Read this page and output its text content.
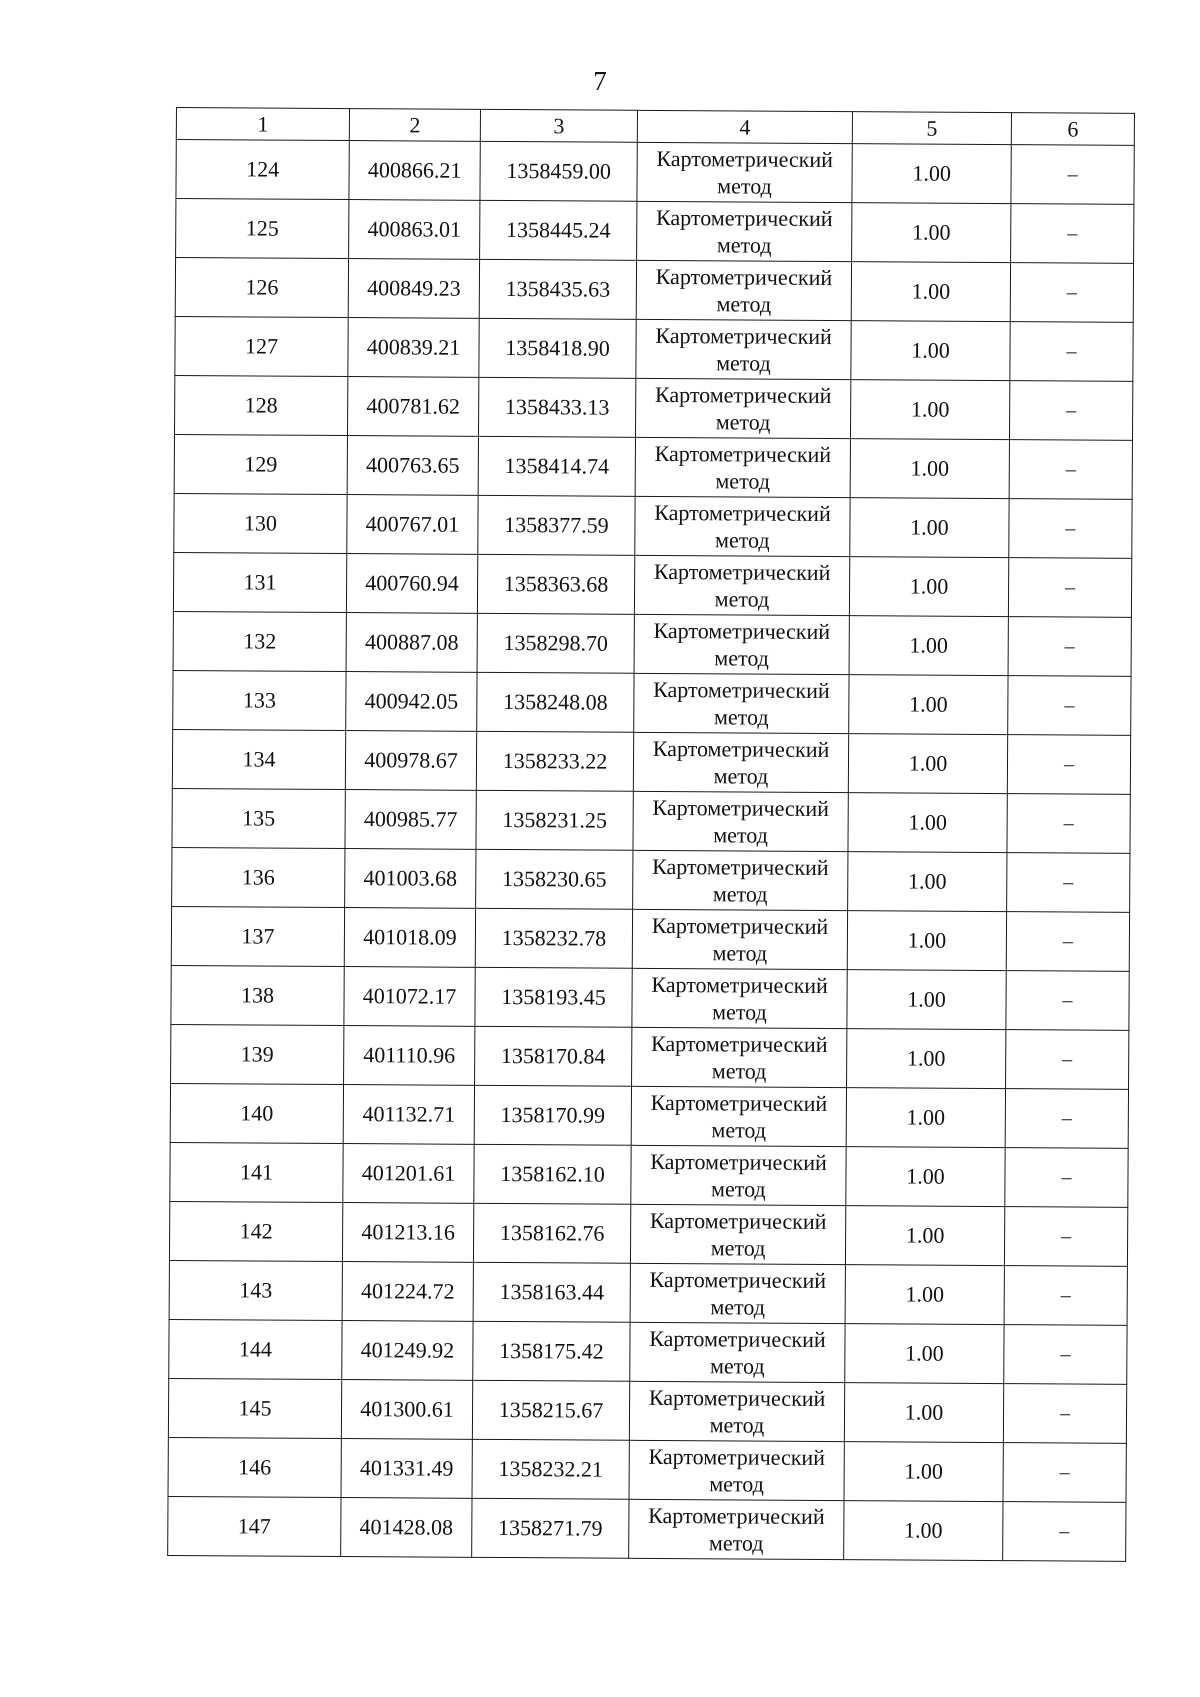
7
1	2	3	4	5	6
124	400866.21	1358459.00	Картометрический метод	1.00	–
125	400863.01	1358445.24	Картометрический метод	1.00	–
126	400849.23	1358435.63	Картометрический метод	1.00	–
127	400839.21	1358418.90	Картометрический метод	1.00	–
128	400781.62	1358433.13	Картометрический метод	1.00	–
129	400763.65	1358414.74	Картометрический метод	1.00	–
130	400767.01	1358377.59	Картометрический метод	1.00	–
131	400760.94	1358363.68	Картометрический метод	1.00	–
132	400887.08	1358298.70	Картометрический метод	1.00	–
133	400942.05	1358248.08	Картометрический метод	1.00	–
134	400978.67	1358233.22	Картометрический метод	1.00	–
135	400985.77	1358231.25	Картометрический метод	1.00	–
136	401003.68	1358230.65	Картометрический метод	1.00	–
137	401018.09	1358232.78	Картометрический метод	1.00	–
138	401072.17	1358193.45	Картометрический метод	1.00	–
139	401110.96	1358170.84	Картометрический метод	1.00	–
140	401132.71	1358170.99	Картометрический метод	1.00	–
141	401201.61	1358162.10	Картометрический метод	1.00	–
142	401213.16	1358162.76	Картометрический метод	1.00	–
143	401224.72	1358163.44	Картометрический метод	1.00	–
144	401249.92	1358175.42	Картометрический метод	1.00	–
145	401300.61	1358215.67	Картометрический метод	1.00	–
146	401331.49	1358232.21	Картометрический метод	1.00	–
147	401428.08	1358271.79	Картометрический метод	1.00	–
